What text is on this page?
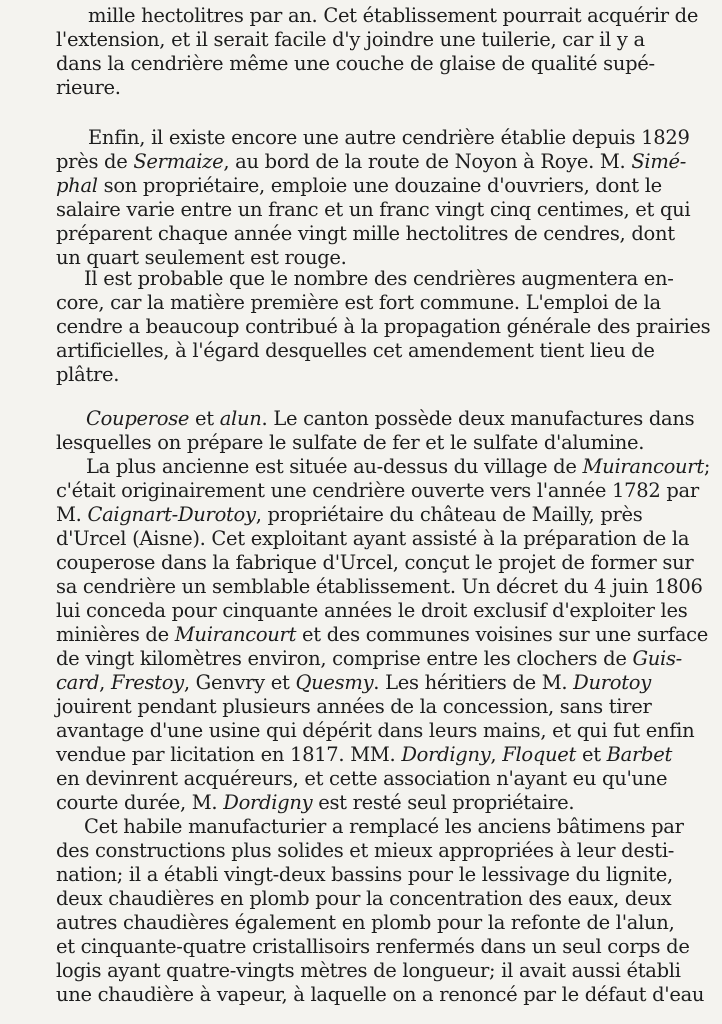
mille hectolitres par an. Cet établissement pourrait acquérir de
l'extension, et il serait facile d'y joindre une tuilerie, car il y a
dans la cendrière même une couche de glaise de qualité supé-
rieure.
Enfin, il existe encore une autre cendrière établie depuis 1829
près de Sermaize, au bord de la route de Noyon à Roye. M. Simé-
phal son propriétaire, emploie une douzaine d'ouvriers, dont le
salaire varie entre un franc et un franc vingt cinq centimes, et qui
préparent chaque année vingt mille hectolitres de cendres, dont
un quart seulement est rouge.
Il est probable que le nombre des cendrières augmentera en-
core, car la matière première est fort commune. L'emploi de la
cendre a beaucoup contribué à la propagation générale des prairies
artificielles, à l'égard desquelles cet amendement tient lieu de
plâtre.
Couperose et alun. Le canton possède deux manufactures dans
lesquelles on prépare le sulfate de fer et le sulfate d'alumine.
La plus ancienne est située au-dessus du village de Muirancourt;
c'était originairement une cendrière ouverte vers l'année 1782 par
M. Caignart-Durotoy, propriétaire du château de Mailly, près
d'Urcel (Aisne). Cet exploitant ayant assisté à la préparation de la
couperose dans la fabrique d'Urcel, conçut le projet de former sur
sa cendrière un semblable établissement. Un décret du 4 juin 1806
lui conceda pour cinquante années le droit exclusif d'exploiter les
minières de Muirancourt et des communes voisines sur une surface
de vingt kilomètres environ, comprise entre les clochers de Guis-
card, Frestoy, Genvry et Quesmy. Les héritiers de M. Durotoy
jouirent pendant plusieurs années de la concession, sans tirer
avantage d'une usine qui dépérit dans leurs mains, et qui fut enfin
vendue par licitation en 1817. MM. Dordigny, Floquet et Barbet
en devinrent acquéreurs, et cette association n'ayant eu qu'une
courte durée, M. Dordigny est resté seul propriétaire.
Cet habile manufacturier a remplacé les anciens bâtimens par
des constructions plus solides et mieux appropriées à leur desti-
nation; il a établi vingt-deux bassins pour le lessivage du lignite,
deux chaudières en plomb pour la concentration des eaux, deux
autres chaudières également en plomb pour la refonte de l'alun,
et cinquante-quatre cristallisoirs renfermés dans un seul corps de
logis ayant quatre-vingts mètres de longueur; il avait aussi établi
une chaudière à vapeur, à laquelle on a renoncé par le défaut d'eau
